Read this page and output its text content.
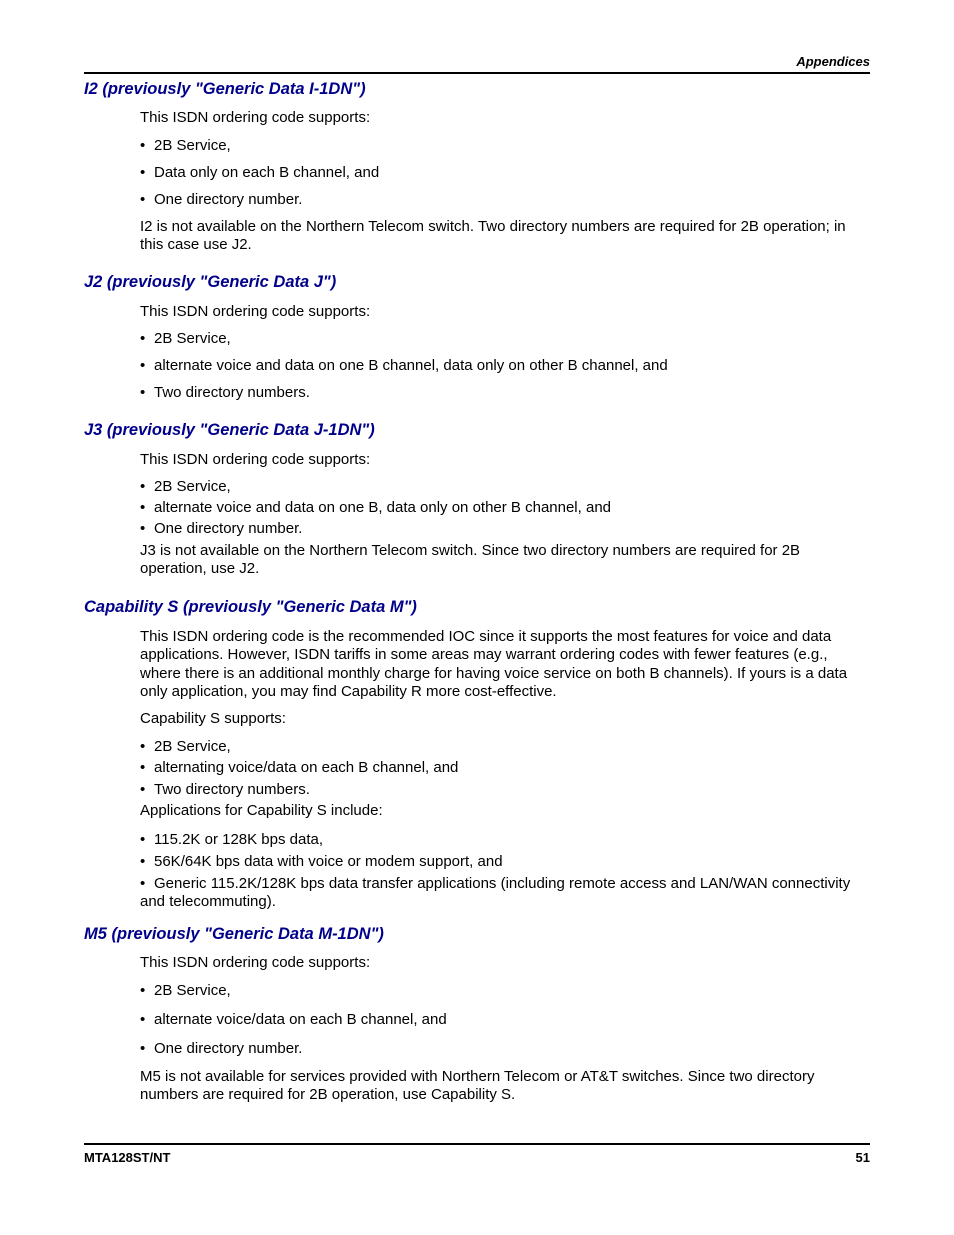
Appendices
I2 (previously "Generic Data I-1DN")

This ISDN ordering code supports:

• 2B Service,

• Data only on each B channel, and

• One directory number.

I2 is not available on the Northern Telecom switch. Two directory numbers are required for 2B operation; in this case use J2.

J2 (previously "Generic Data J")

This ISDN ordering code supports:

• 2B Service,

• alternate voice and data on one B channel, data only on other B channel, and

• Two directory numbers.

J3 (previously "Generic Data J-1DN")

This ISDN ordering code supports:

• 2B Service,

• alternate voice and data on one B, data only on other B channel, and

• One directory number.

J3 is not available on the Northern Telecom switch. Since two directory numbers are required for 2B operation, use J2.

Capability S (previously "Generic Data M")

This ISDN ordering code is the recommended IOC since it supports the most features for voice and data applications. However, ISDN tariffs in some areas may warrant ordering codes with fewer features (e.g., where there is an additional monthly charge for having voice service on both B channels). If yours is a data only application, you may find Capability R more cost-effective.

Capability S supports:

• 2B Service,

• alternating voice/data on each B channel, and

• Two directory numbers.

Applications for Capability S include:

• 115.2K or 128K bps data,

• 56K/64K bps data with voice or modem support, and

• Generic 115.2K/128K bps data transfer applications (including remote access and LAN/WAN connectivity and telecommuting).

M5 (previously "Generic Data M-1DN")

This ISDN ordering code supports:

• 2B Service,

• alternate voice/data on each B channel, and

• One directory number.

M5 is not available for services provided with Northern Telecom or AT&T switches. Since two directory numbers are required for 2B operation, use Capability S.

MTA128ST/NT	51
